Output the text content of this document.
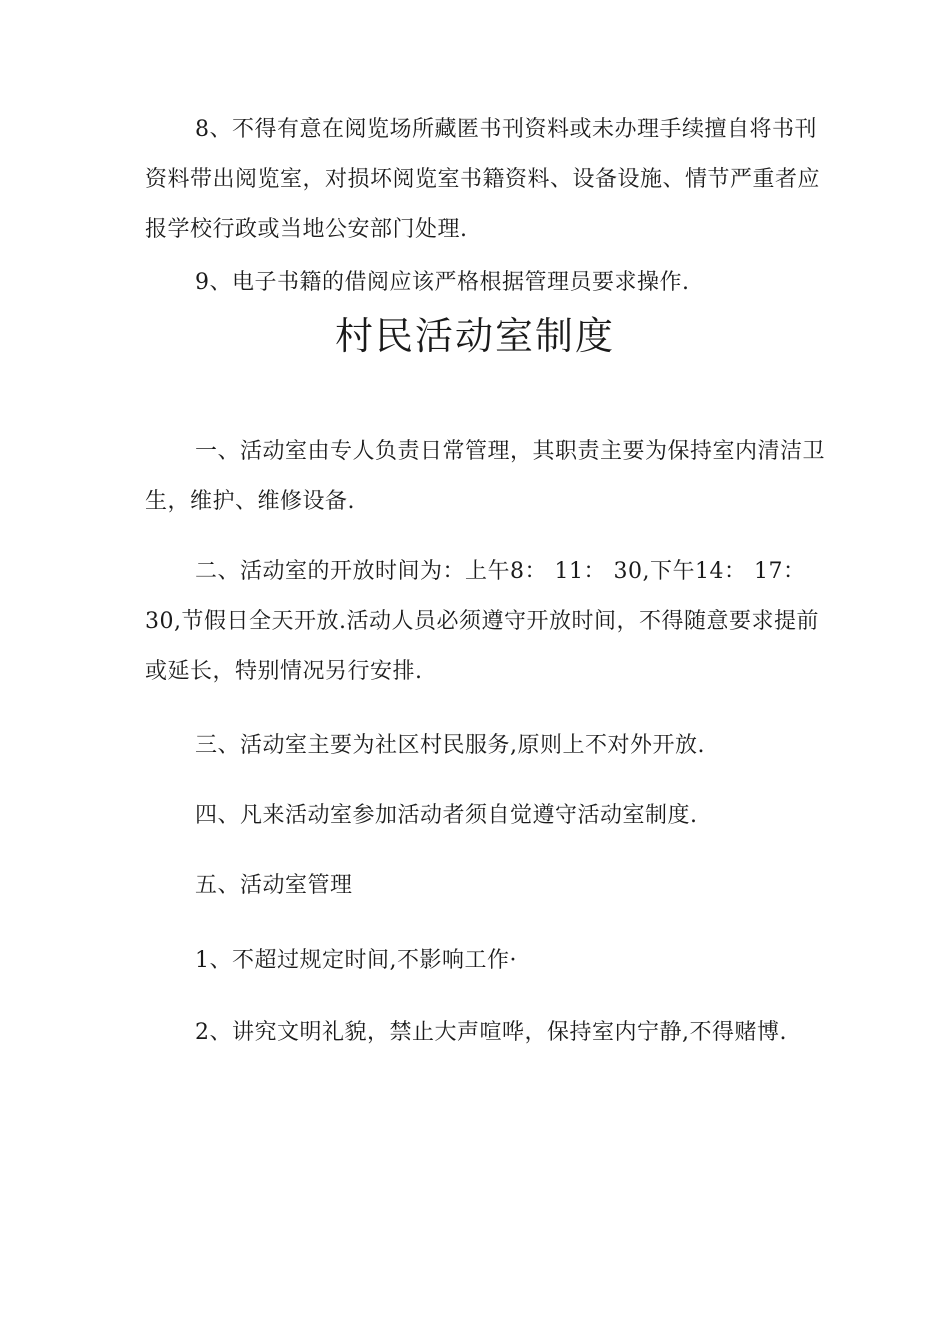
8、不得有意在阅览场所藏匿书刊资料或未办理手续擅自将书刊资料带出阅览室，对损坏阅览室书籍资料、设备设施、情节严重者应报学校行政或当地公安部门处理.

9、电子书籍的借阅应该严格根据管理员要求操作.

村民活动室制度

一、活动室由专人负责日常管理，其职责主要为保持室内清洁卫生，维护、维修设备.

二、活动室的开放时间为：上午8： 11： 30,下午14： 17： 30,节假日全天开放.活动人员必须遵守开放时间，不得随意要求提前或延长，特别情况另行安排.

三、活动室主要为社区村民服务,原则上不对外开放.

四、凡来活动室参加活动者须自觉遵守活动室制度.

五、活动室管理

1、不超过规定时间,不影响工作·

2、讲究文明礼貌，禁止大声喧哗，保持室内宁静,不得赌博.
